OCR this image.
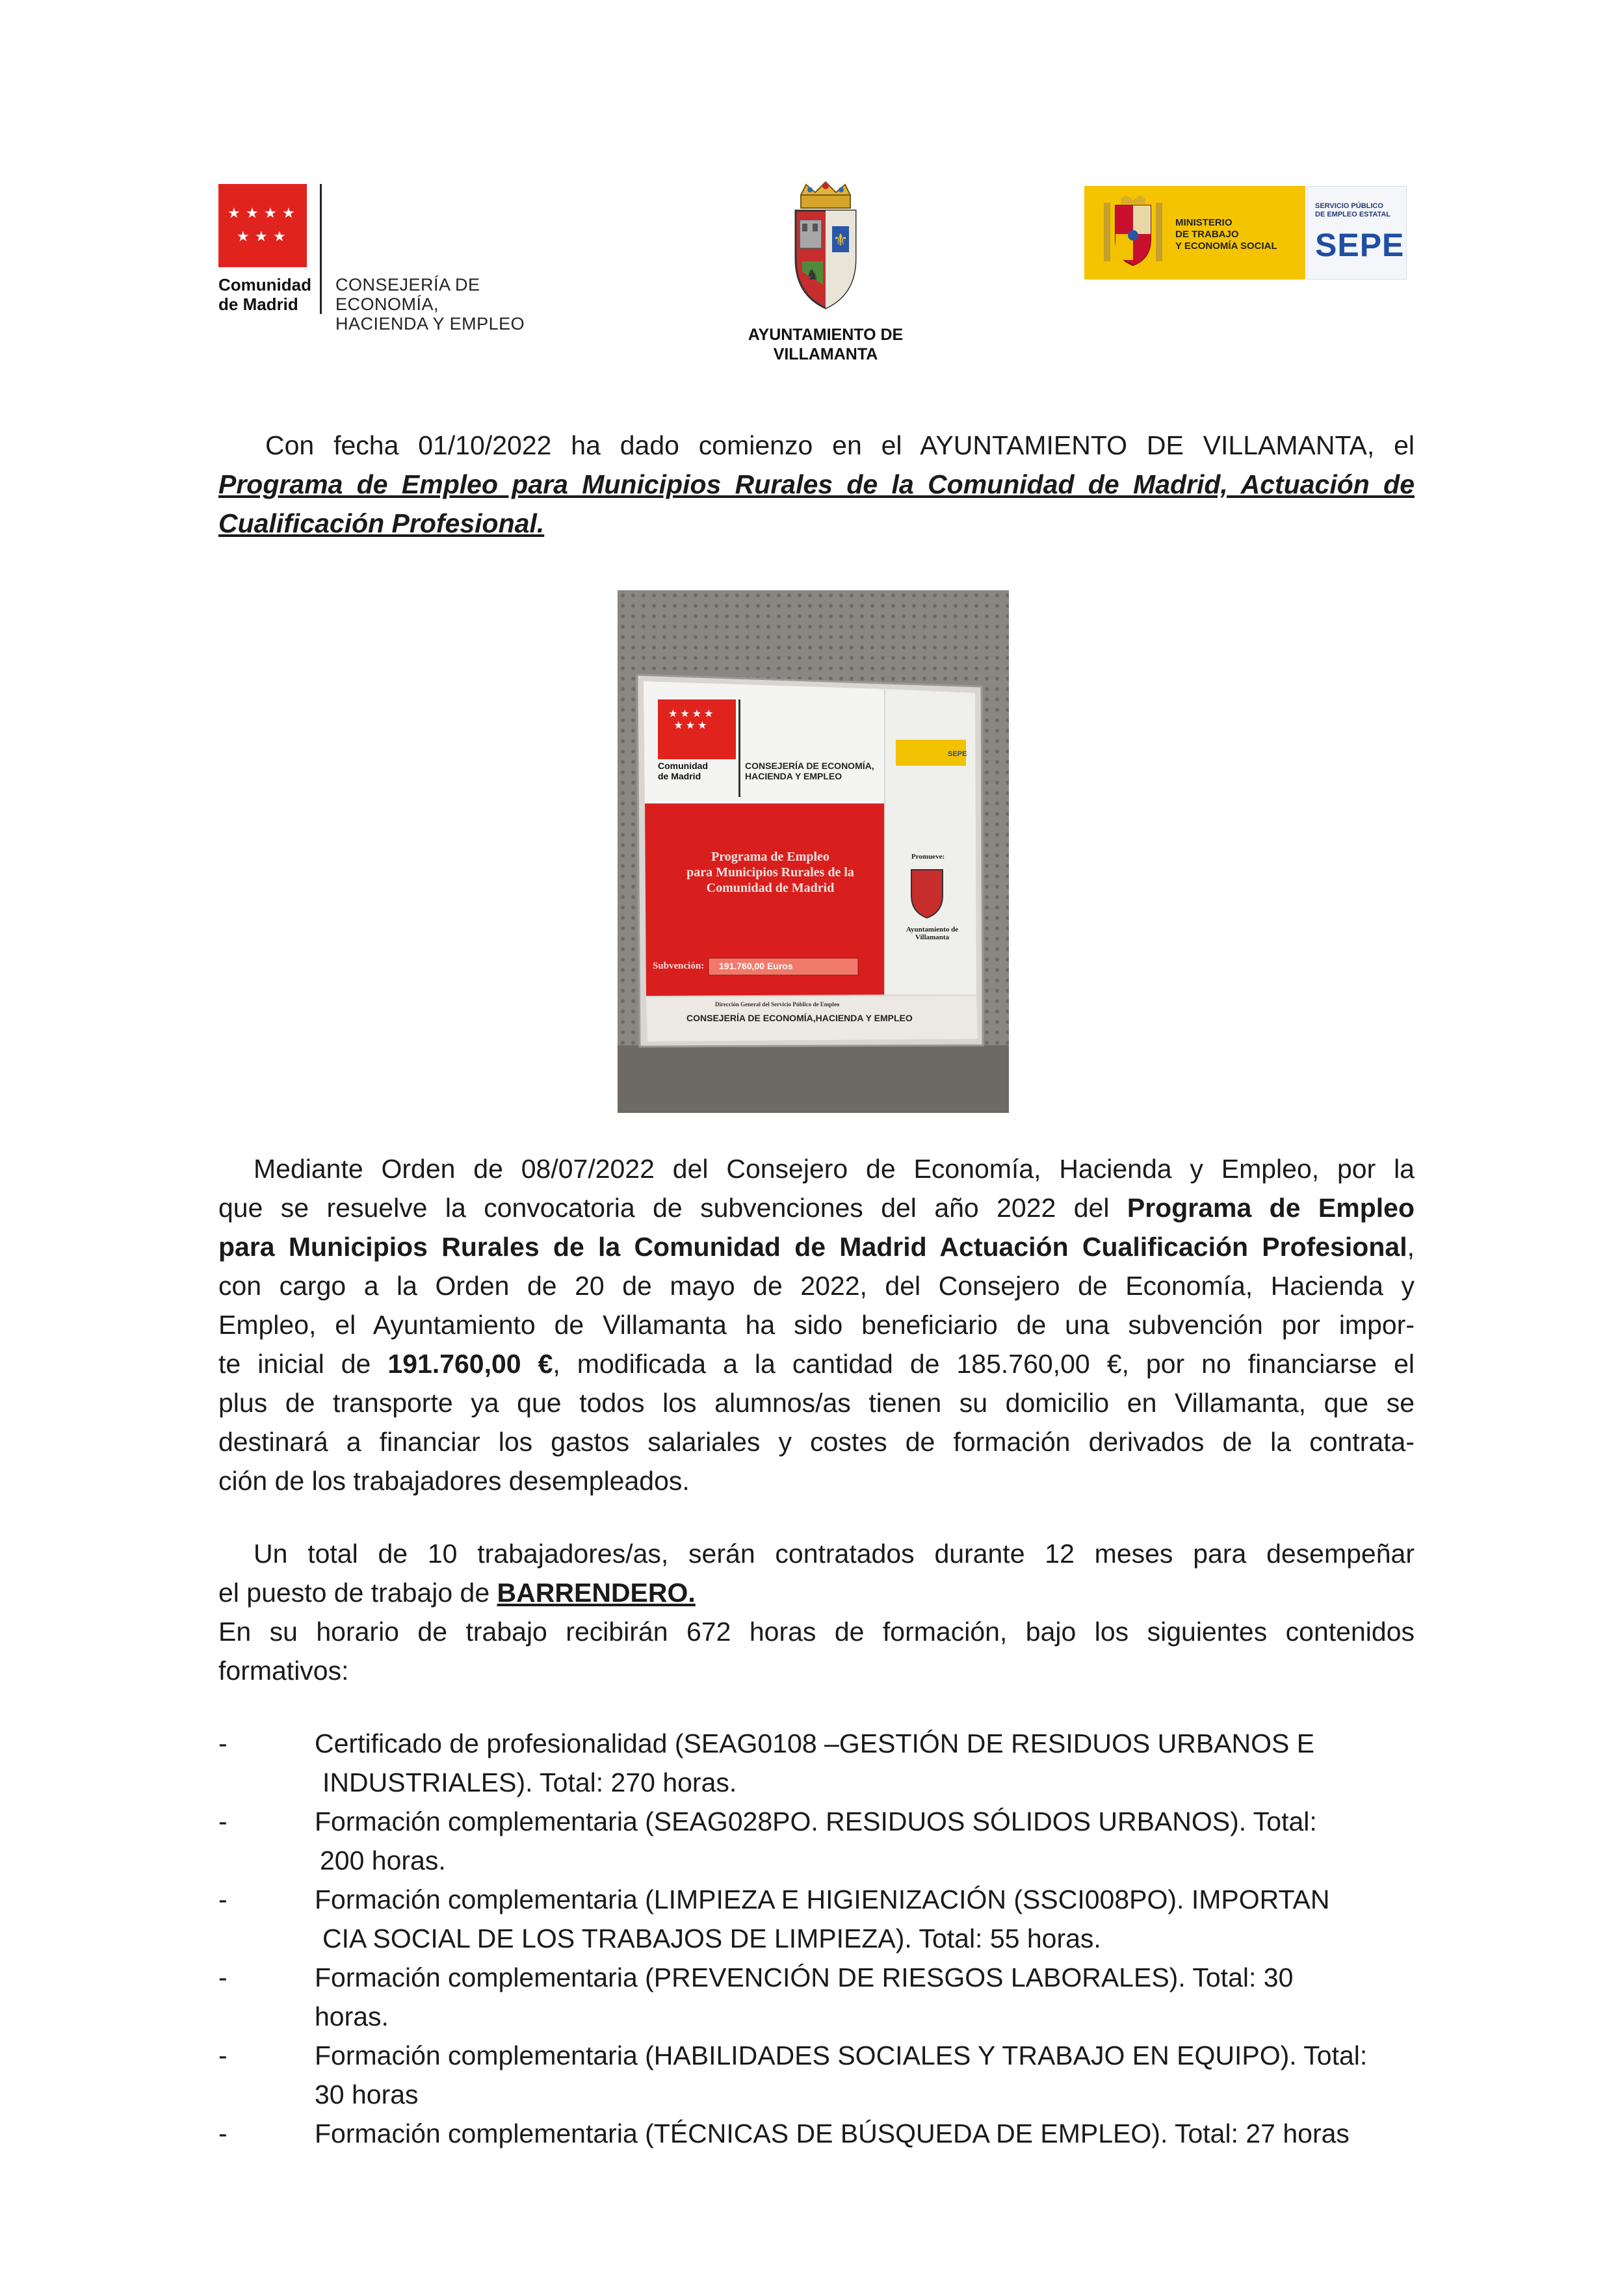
★ ★ ★ ★
★ ★ ★
Comunidad
de Madrid
CONSEJERÍA DE ECONOMÍA,
HACIENDA Y EMPLEO
⚜
♞
AYUNTAMIENTO DE
VILLAMANTA
MINISTERIO
DE TRABAJO
Y ECONOMÍA SOCIAL
SERVICIO PÚBLICO
DE EMPLEO ESTATAL
SEPE
Con fecha 01/10/2022 ha dado comienzo en el AYUNTAMIENTO DE VILLAMANTA, el
Programa de Empleo para Municipios Rurales de la Comunidad de Madrid, Actuación de
Cualificación Profesional.
★★★★
★★★
Comunidad
de Madrid
CONSEJERÍA DE ECONOMÍA,
HACIENDA Y EMPLEO
SEPE
Programa de Empleo
para Municipios Rurales de la
Comunidad de Madrid
Subvención: 191.760,00 Euros
Promueve:
Ayuntamiento de Villamanta
Dirección General del Servicio Público de Empleo
CONSEJERÍA DE ECONOMÍA,HACIENDA Y EMPLEO
Mediante Orden de 08/07/2022 del Consejero de Economía, Hacienda y Empleo, por la
que se resuelve la convocatoria de subvenciones del año 2022 del Programa de Empleo
para Municipios Rurales de la Comunidad de Madrid Actuación Cualificación Profesional,
con cargo a la Orden de 20 de mayo de 2022, del Consejero de Economía, Hacienda y
Empleo, el Ayuntamiento de Villamanta ha sido beneficiario de una subvención por impor-
te inicial de 191.760,00 €, modificada a la cantidad de 185.760,00 €, por no financiarse el
plus de transporte ya que todos los alumnos/as tienen su domicilio en Villamanta, que se
destinará a financiar los gastos salariales y costes de formación derivados de la contrata-
ción de los trabajadores desempleados.
Un total de 10 trabajadores/as, serán contratados durante 12 meses para desempeñar
el puesto de trabajo de BARRENDERO.
En su horario de trabajo recibirán 672 horas de formación, bajo los siguientes contenidos
formativos:
-	Certificado de profesionalidad (SEAG0108 –GESTIÓN DE RESIDUOS URBANOS E
INDUSTRIALES). Total: 270 horas.
-	Formación complementaria (SEAG028PO. RESIDUOS SÓLIDOS URBANOS). Total:
200 horas.
-	Formación complementaria (LIMPIEZA E HIGIENIZACIÓN (SSCI008PO). IMPORTAN
CIA SOCIAL DE LOS TRABAJOS DE LIMPIEZA). Total: 55 horas.
-	Formación complementaria (PREVENCIÓN DE RIESGOS LABORALES). Total: 30
horas.
-	Formación complementaria (HABILIDADES SOCIALES Y TRABAJO EN EQUIPO). Total:
30 horas
-	Formación complementaria (TÉCNICAS DE BÚSQUEDA DE EMPLEO). Total: 27 horas
